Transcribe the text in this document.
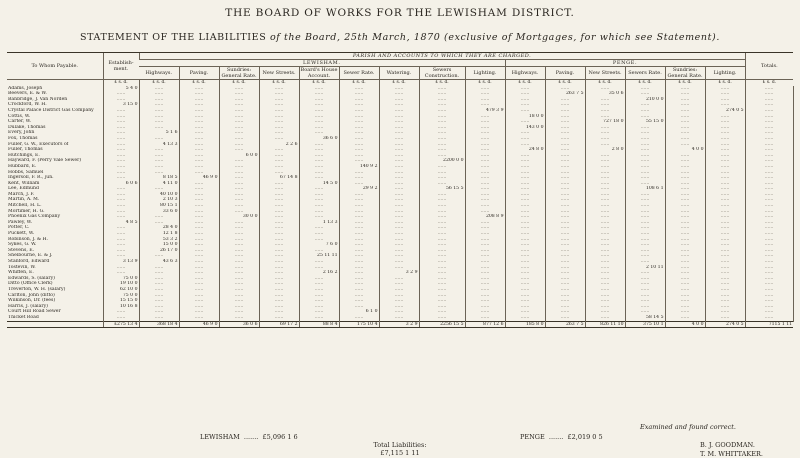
THE BOARD OF WORKS FOR THE LEWISHAM DISTRICT.
STATEMENT OF THE LIABILITIES of the Board, 25th March, 1870 (exclusive of Mortgages, for which see Statement).
To Whom Payable.	Establish-ment.	PARISH AND ACCOUNTS TO WHICH THEY ARE CHARGED.															Totals.	
		LEWISHAM.									PENGE.							
		Highways.	Paving.	Sundries: General Rate.	New Streets.	Board's House Account.	Sewer Rate.	Watering.	Sewers Construction.	Lighting.	Highways.	Paving.	New Streets.	Sewers Rate.	Sundries: General Rate.	Lighting.		
	£ s. d.	£ s. d.	£ s. d.	£ s. d.	£ s. d.	£ s. d.	£ s. d.	£ s. d.	£ s. d.	£ s. d.	£ s. d.	£ s. d.	£ s. d.	£ s. d.	£ s. d.	£ s. d.	£ s. d.	
Adams, Joseph	5 4 0	......	......	......	......	......	......	......	......	......	......	......	......	......	......	......	......	
Beevers, E. & W.	......	......	......	......	......	......	......	......	......	......	......	263 7 5	35 0 6	......	......	......	......	
Banbridge, J. Van Norden	......	......	......	......	......	......	......	......	......	......	......	......	......	210 0 0	......	......	......	
Crockford, W. H.	3 15 0	......	......	......	......	......	......	......	......	......	......	......	......	......	......	......	......	
Crystal Palace District Gas Company	......	......	......	......	......	......	......	......	......	479 3 9	......	......	......	......	......	274 0 5	......	
Cottis, W.	......	......	......	......	......	......	......	......	......	......	18 0 0	......	......	......	......	......	......	
Carter, W.	......	......	......	......	......	......	......	......	......	......	......	......	727 18 0	55 15 0	......	......	......	
Dulake, Thomas	......	......	......	......	......	......	......	......	......	......	143 0 0	......	......	......	......	......	......	
Every, John	......	5 1 6	......	......	......	......	......	......	......	......	......	......	......	......	......	......	......	
Fox, Thomas	......	......	......	......	......	36 6 0	......	......	......	......	......	......	......	......	......	......	......	
Fuller, G. W., Executors of	......	4 13 3	......	......	2 2 6	......	......	......	......	......	......	......	......	......	......	......	......	
Fuller, Thomas	......	......	......	......	......	......	......	......	......	......	24 8 0	......	2 8 0	......	4 0 0	......	......	
Hutchings, E.	......	......	......	6 0 0	......	......	......	......	......	......	......	......	......	......	......	......	......	
Hayward, F. (Perry Vale Sewer)	......	......	......	......	......	......	......	......	2200 0 0	......	......	......	......	......	......	......	......	
Hubbard, E.	......	......	......	......	......	......	140 9 2	......	......	......	......	......	......	......	......	......	......	
Hobbs, Samuel	......	......	......	......	......	......	......	......	......	......	......	......	......	......	......	......	......	
Ingersoll, F. R., jun.	......	8 18 5	46 9 0	......	67 14 8	......	......	......	......	......	......	......	......	......	......	......	......	
Kent, William	6 0 6	4 11 0	......	......	......	14 5 0	......	......	......	......	......	......	......	......	......	......	......	
Lee, Edmund	......	......	......	......	......	......	29 9 2	......	56 15 5	......	......	......	......	108 6 1	......	......	......	
March, J. F.	......	40 10 0	......	......	......	......	......	......	......	......	......	......	......	......	......	......	......	
Martin, A. M.	......	2 10 3	......	......	......	......	......	......	......	......	......	......	......	......	......	......	......	
Mitchell, H. L.	......	80 15 1	......	......	......	......	......	......	......	......	......	......	......	......	......	......	......	
Mortimer, H. G.	......	33 6 0	......	......	......	......	......	......	......	......	......	......	......	......	......	......	......	
Phoenix Gas Company	......	......	......	30 0 0	......	......	......	......	......	208 8 9	......	......	......	......	......	......	......	
Pawley, W.	4 8 5	......	......	......	......	1 13 3	......	......	......	......	......	......	......	......	......	......	......	
Potter, C.	......	28 4 0	......	......	......	......	......	......	......	......	......	......	......	......	......	......	......	
Puckett, W.	......	12 1 8	......	......	......	......	......	......	......	......	......	......	......	......	......	......	......	
Robinson, J. & H.	......	53 3 2	......	......	......	......	......	......	......	......	......	......	......	......	......	......	......	
Sykes, G. W.	......	15 0 0	......	......	......	7 6 0	......	......	......	......	......	......	......	......	......	......	......	
Stevens, E.	......	26 17 0	......	......	......	......	......	......	......	......	......	......	......	......	......	......	......	
Shelbourne, E. & J.	......	......	......	......	......	25 11 11	......	......	......	......	......	......	......	......	......	......	......	
Stanford, Edward	3 13 9	43 6 3	......	......	......	......	......	......	......	......	......	......	......	......	......	......	......	
Tostevin, W.	......	......	......	......	......	......	......	......	......	......	......	......	......	2 10 11	......	......	......	
Whiffen, E.	......	......	......	......	......	2 16 2	......	3 2 9	......	......	......	......	......	......	......	......	......	
Edwards, S. (salary)	75 0 0	......	......	......	......	......	......	......	......	......	......	......	......	......	......	......	......	
Ditto (Office Clerk)	19 10 0	......	......	......	......	......	......	......	......	......	......	......	......	......	......	......	......	
Treverton, W. H. (salary)	62 10 0	......	......	......	......	......	......	......	......	......	......	......	......	......	......	......	......	
Carlton, John (ditto)	75 0 0	......	......	......	......	......	......	......	......	......	......	......	......	......	......	......	......	
Wilkinson, Dr. (fees)	15 15 0	......	......	......	......	......	......	......	......	......	......	......	......	......	......	......	......	
Harris, J. (salary)	10 16 8	......	......	......	......	......	......	......	......	......	......	......	......	......	......	......	......	
Court Hill Road Sewer	......	......	......	......	......	......	6 1 0	......	......	......	......	......	......	......	......	......	......	
Thicket Road	......	......	......	......	......	......	......	......	......	......	......	......	......	58 14 5	......	......	......	
	£275 13 4	368 18 4	46 9 0	36 0 6	69 17 2	88 8 4	175 10 4	3 2 9	2256 15 5	877 12 6	185 8 0	263 7 5	826 11 10	375 10 1	4 0 0	274 0 5	7115 1 11	
LEWISHAM  .......  £5,096 1 6	PENGE  .......  £2,019 0 5
Total Liabilities:
£7,115 1 11
Examined and found correct.
B. J. GOODMAN.
T. M. WHITTAKER.
